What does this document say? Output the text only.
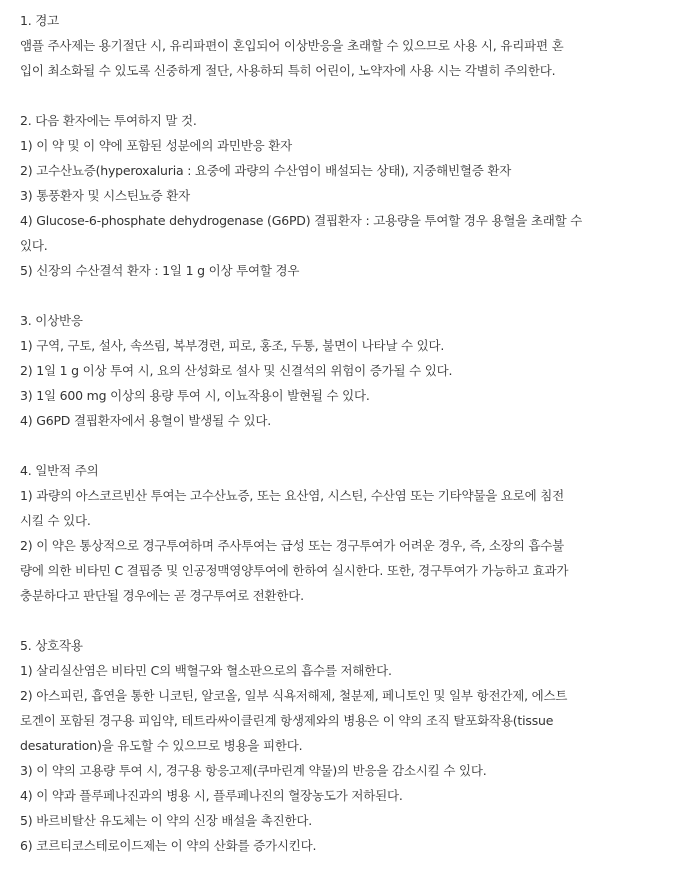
1. 경고
앰플 주사제는 용기절단 시, 유리파편이 혼입되어 이상반응을 초래할 수 있으므로 사용 시, 유리파편 혼
입이 최소화될 수 있도록 신중하게 절단, 사용하되 특히 어린이, 노약자에 사용 시는 각별히 주의한다.
2. 다음 환자에는 투여하지 말 것.
1) 이 약 및 이 약에 포함된 성분에의 과민반응 환자
2) 고수산뇨증(hyperoxaluria : 요중에 과량의 수산염이 배설되는 상태), 지중해빈혈증 환자
3) 통풍환자 및 시스틴뇨증 환자
4) Glucose-6-phosphate dehydrogenase (G6PD) 결핍환자 : 고용량을 투여할 경우 용혈을 초래할 수
있다.
5) 신장의 수산결석 환자 : 1일 1 g 이상 투여할 경우
3. 이상반응
1) 구역, 구토, 설사, 속쓰림, 복부경련, 피로, 홍조, 두통, 불면이 나타날 수 있다.
2) 1일 1 g 이상 투여 시, 요의 산성화로 설사 및 신결석의 위험이 증가될 수 있다.
3) 1일 600 mg 이상의 용량 투여 시, 이뇨작용이 발현될 수 있다.
4) G6PD 결핍환자에서 용혈이 발생될 수 있다.
4. 일반적 주의
1) 과량의 아스코르빈산 투여는 고수산뇨증, 또는 요산염, 시스틴, 수산염 또는 기타약물을 요로에 침전
시킬 수 있다.
2) 이 약은 통상적으로 경구투여하며 주사투여는 급성 또는 경구투여가 어려운 경우, 즉, 소장의 흡수불
량에 의한 비타민 C 결핍증 및 인공정맥영양투여에 한하여 실시한다. 또한, 경구투여가 가능하고 효과가
충분하다고 판단될 경우에는 곧 경구투여로 전환한다.
5. 상호작용
1) 살리실산염은 비타민 C의 백혈구와 혈소판으로의 흡수를 저해한다.
2) 아스피린, 흡연을 통한 니코틴, 알코올, 일부 식욕저해제, 철분제, 페니토인 및 일부 항전간제, 에스트
로겐이 포함된 경구용 피임약, 테트라싸이클린계 항생제와의 병용은 이 약의 조직 탈포화작용(tissue
desaturation)을 유도할 수 있으므로 병용을 피한다.
3) 이 약의 고용량 투여 시, 경구용 항응고제(쿠마린계 약물)의 반응을 감소시킬 수 있다.
4) 이 약과 플루페나진과의 병용 시, 플루페나진의 혈장농도가 저하된다.
5) 바르비탈산 유도체는 이 약의 신장 배설을 촉진한다.
6) 코르티코스테로이드제는 이 약의 산화를 증가시킨다.
